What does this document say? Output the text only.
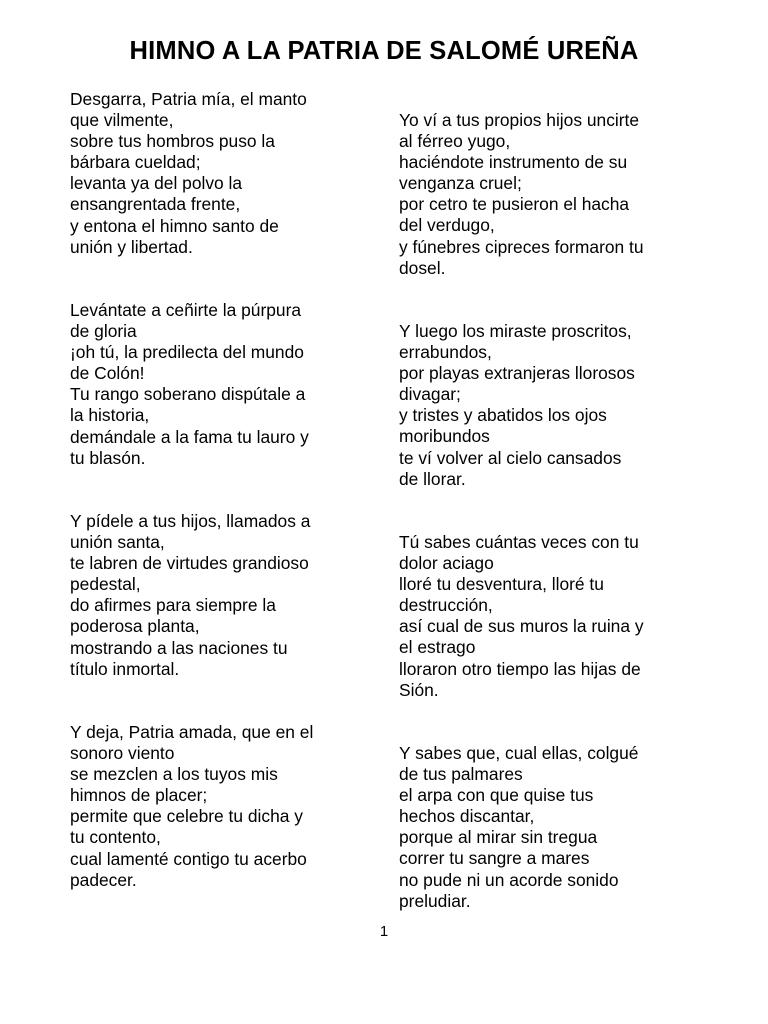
HIMNO A LA PATRIA DE SALOMÉ UREÑA
Desgarra, Patria mía, el manto
que vilmente,
sobre tus hombros puso la
bárbara cueldad;
levanta ya del polvo la
ensangrentada frente,
y entona el himno santo de
unión y libertad.
Levántate a ceñirte la púrpura
de gloria
¡oh tú, la predilecta del mundo
de Colón!
Tu rango soberano dispútale a
la historia,
demándale a la fama tu lauro y
tu blasón.
Y pídele a tus hijos, llamados a
unión santa,
te labren de virtudes grandioso
pedestal,
do afirmes para siempre la
poderosa planta,
mostrando a las naciones tu
título inmortal.
Y deja, Patria amada, que en el
sonoro viento
se mezclen a los tuyos mis
himnos de placer;
permite que celebre tu dicha y
tu contento,
cual lamenté contigo tu acerbo
padecer.
Yo ví a tus propios hijos uncirte
al férreo yugo,
haciéndote instrumento de su
venganza cruel;
por cetro te pusieron el hacha
del verdugo,
y fúnebres cipreces formaron tu
dosel.
Y luego los miraste proscritos,
errabundos,
por playas extranjeras llorosos
divagar;
y tristes y abatidos los ojos
moribundos
te ví volver al cielo cansados
de llorar.
Tú sabes cuántas veces con tu
dolor aciago
lloré tu desventura, lloré tu
destrucción,
así cual de sus muros la ruina y
el estrago
lloraron otro tiempo las hijas de
Sión.
Y sabes que, cual ellas, colgué
de tus palmares
el arpa con que quise tus
hechos discantar,
porque al mirar sin tregua
correr tu sangre a mares
no pude ni un acorde sonido
preludiar.
1
